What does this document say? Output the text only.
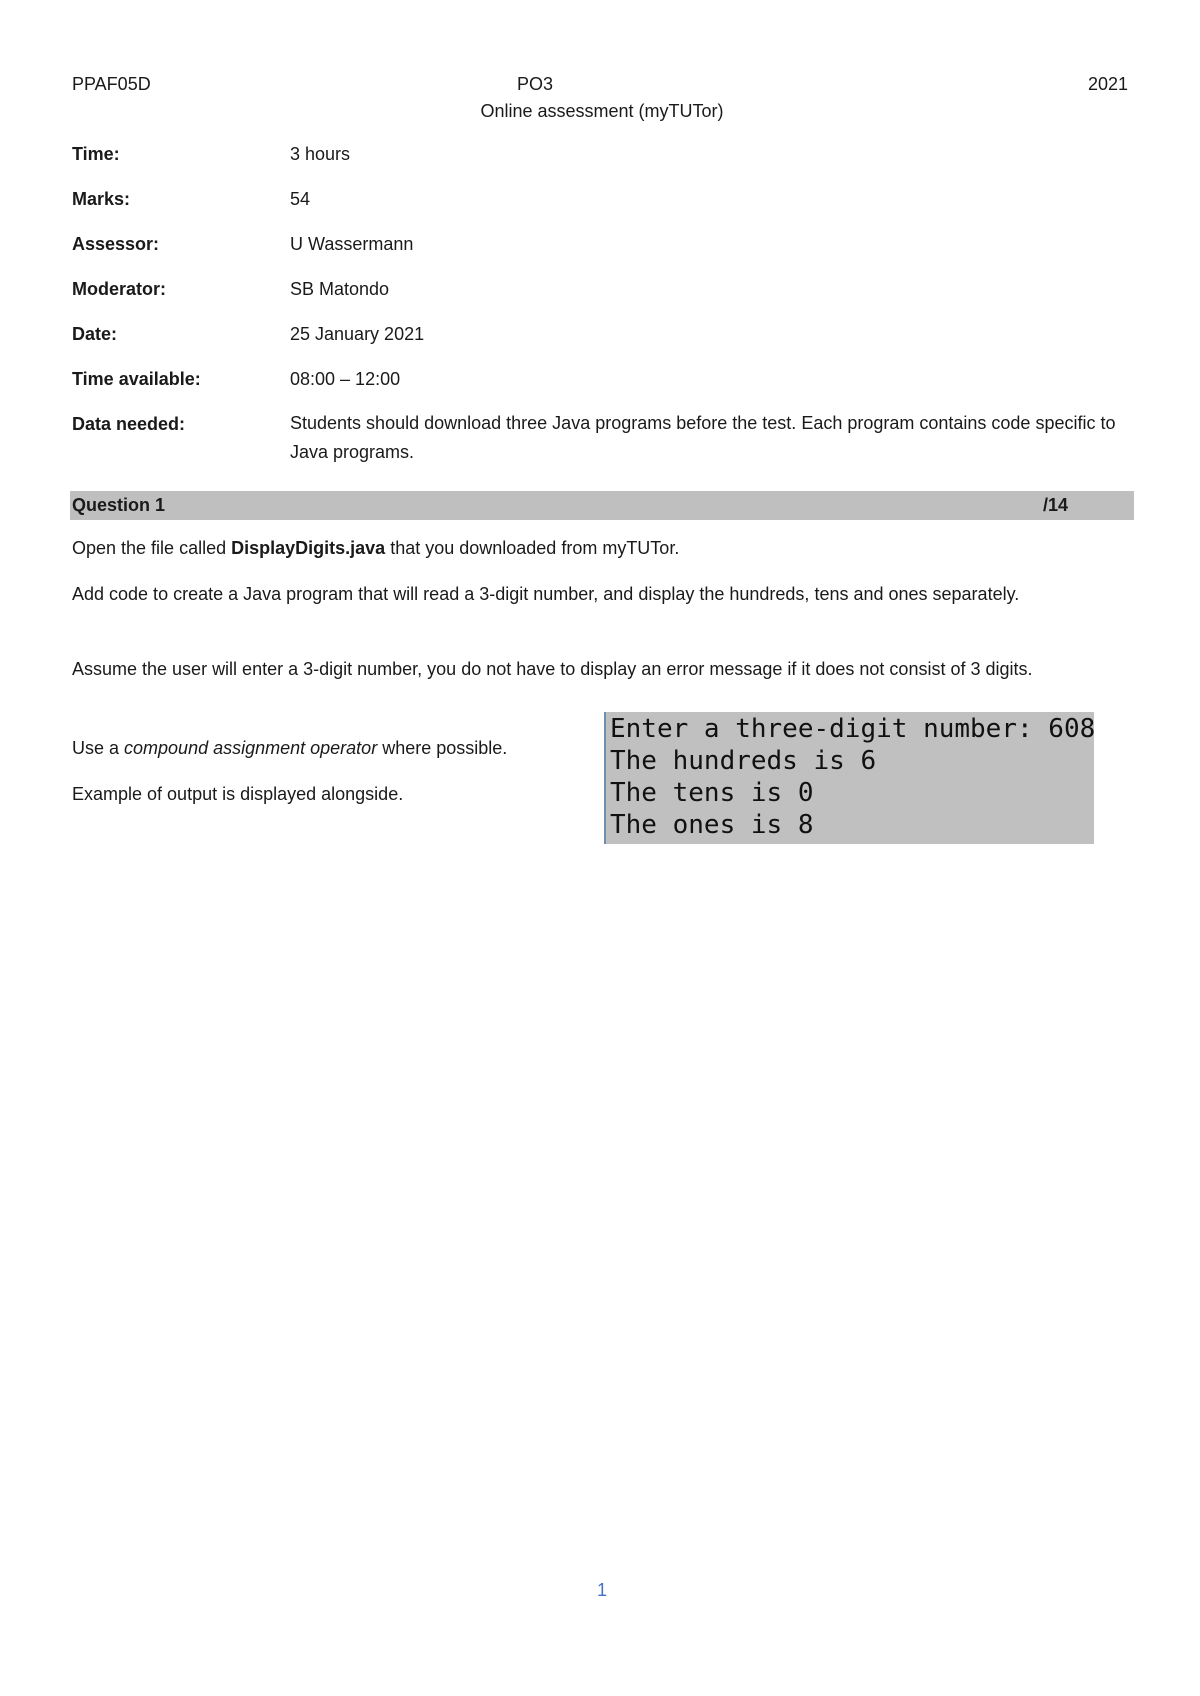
PPAF05D	PO3	2021
Online assessment (myTUTor)
Time:	3 hours
Marks:	54
Assessor:	U Wassermann
Moderator:	SB Matondo
Date:	25 January 2021
Time available:	08:00 – 12:00
Data needed:	Students should download three Java programs before the test. Each program contains code specific to Java programs.
Question 1	/14
Open the file called DisplayDigits.java that you downloaded from myTUTor.
Add code to create a Java program that will read a 3-digit number, and display the hundreds, tens and ones separately.
Assume the user will enter a 3-digit number, you do not have to display an error message if it does not consist of 3 digits.
Use a compound assignment operator where possible.
Example of output is displayed alongside.
Enter a three-digit number: 608
The hundreds is 6
The tens is 0
The ones is 8
1
